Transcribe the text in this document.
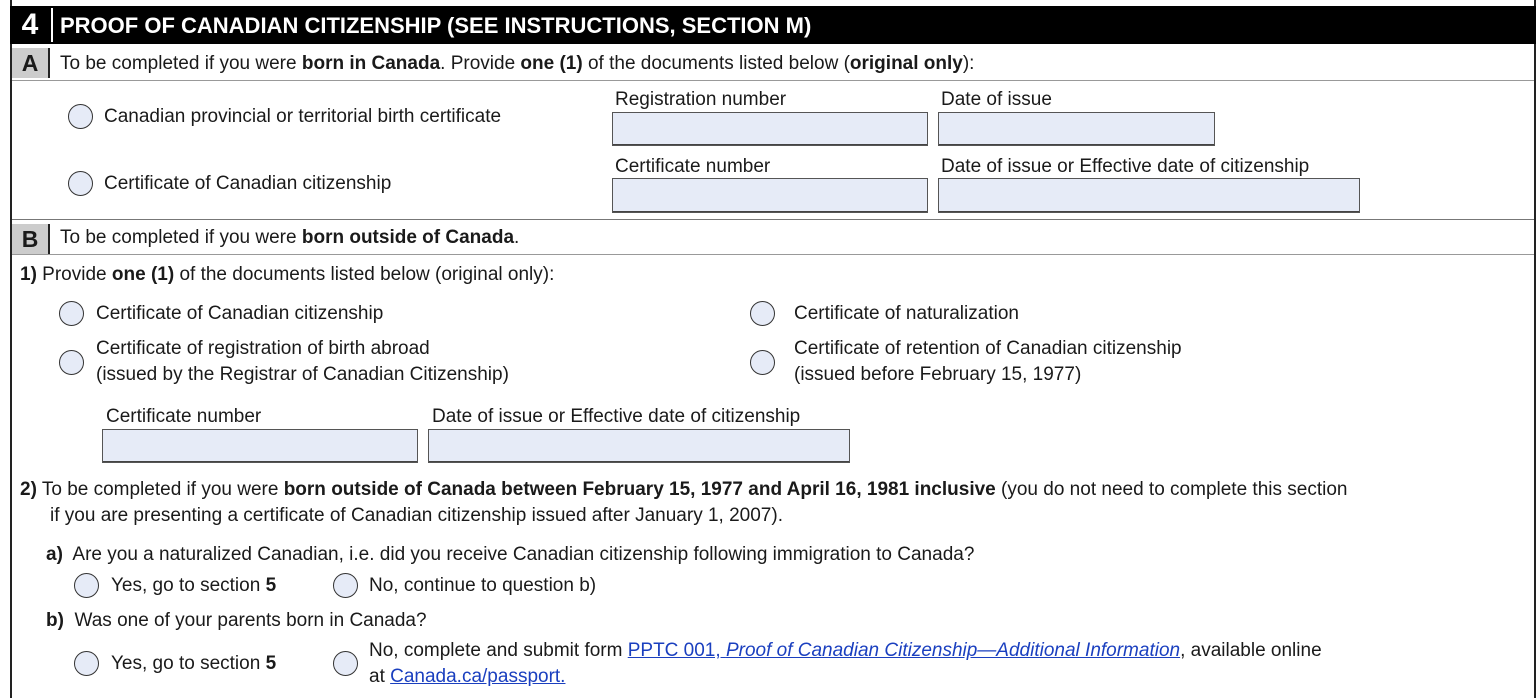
4 PROOF OF CANADIAN CITIZENSHIP (SEE INSTRUCTIONS, SECTION M)
A	To be completed if you were born in Canada. Provide one (1) of the documents listed below (original only):
Canadian provincial or territorial birth certificate
Registration number	Date of issue
Certificate of Canadian citizenship
Certificate number	Date of issue or Effective date of citizenship
B	To be completed if you were born outside of Canada.
1) Provide one (1) of the documents listed below (original only):
Certificate of Canadian citizenship	Certificate of naturalization
Certificate of registration of birth abroad
(issued by the Registrar of Canadian Citizenship)
Certificate of retention of Canadian citizenship
(issued before February 15, 1977)
Certificate number	Date of issue or Effective date of citizenship
2) To be completed if you were born outside of Canada between February 15, 1977 and April 16, 1981 inclusive (you do not need to complete this section
if you are presenting a certificate of Canadian citizenship issued after January 1, 2007).
a) Are you a naturalized Canadian, i.e. did you receive Canadian citizenship following immigration to Canada?
Yes, go to section 5	No, continue to question b)
b) Was one of your parents born in Canada?
Yes, go to section 5
No, complete and submit form PPTC 001, Proof of Canadian Citizenship—Additional Information, available online
at Canada.ca/passport.
